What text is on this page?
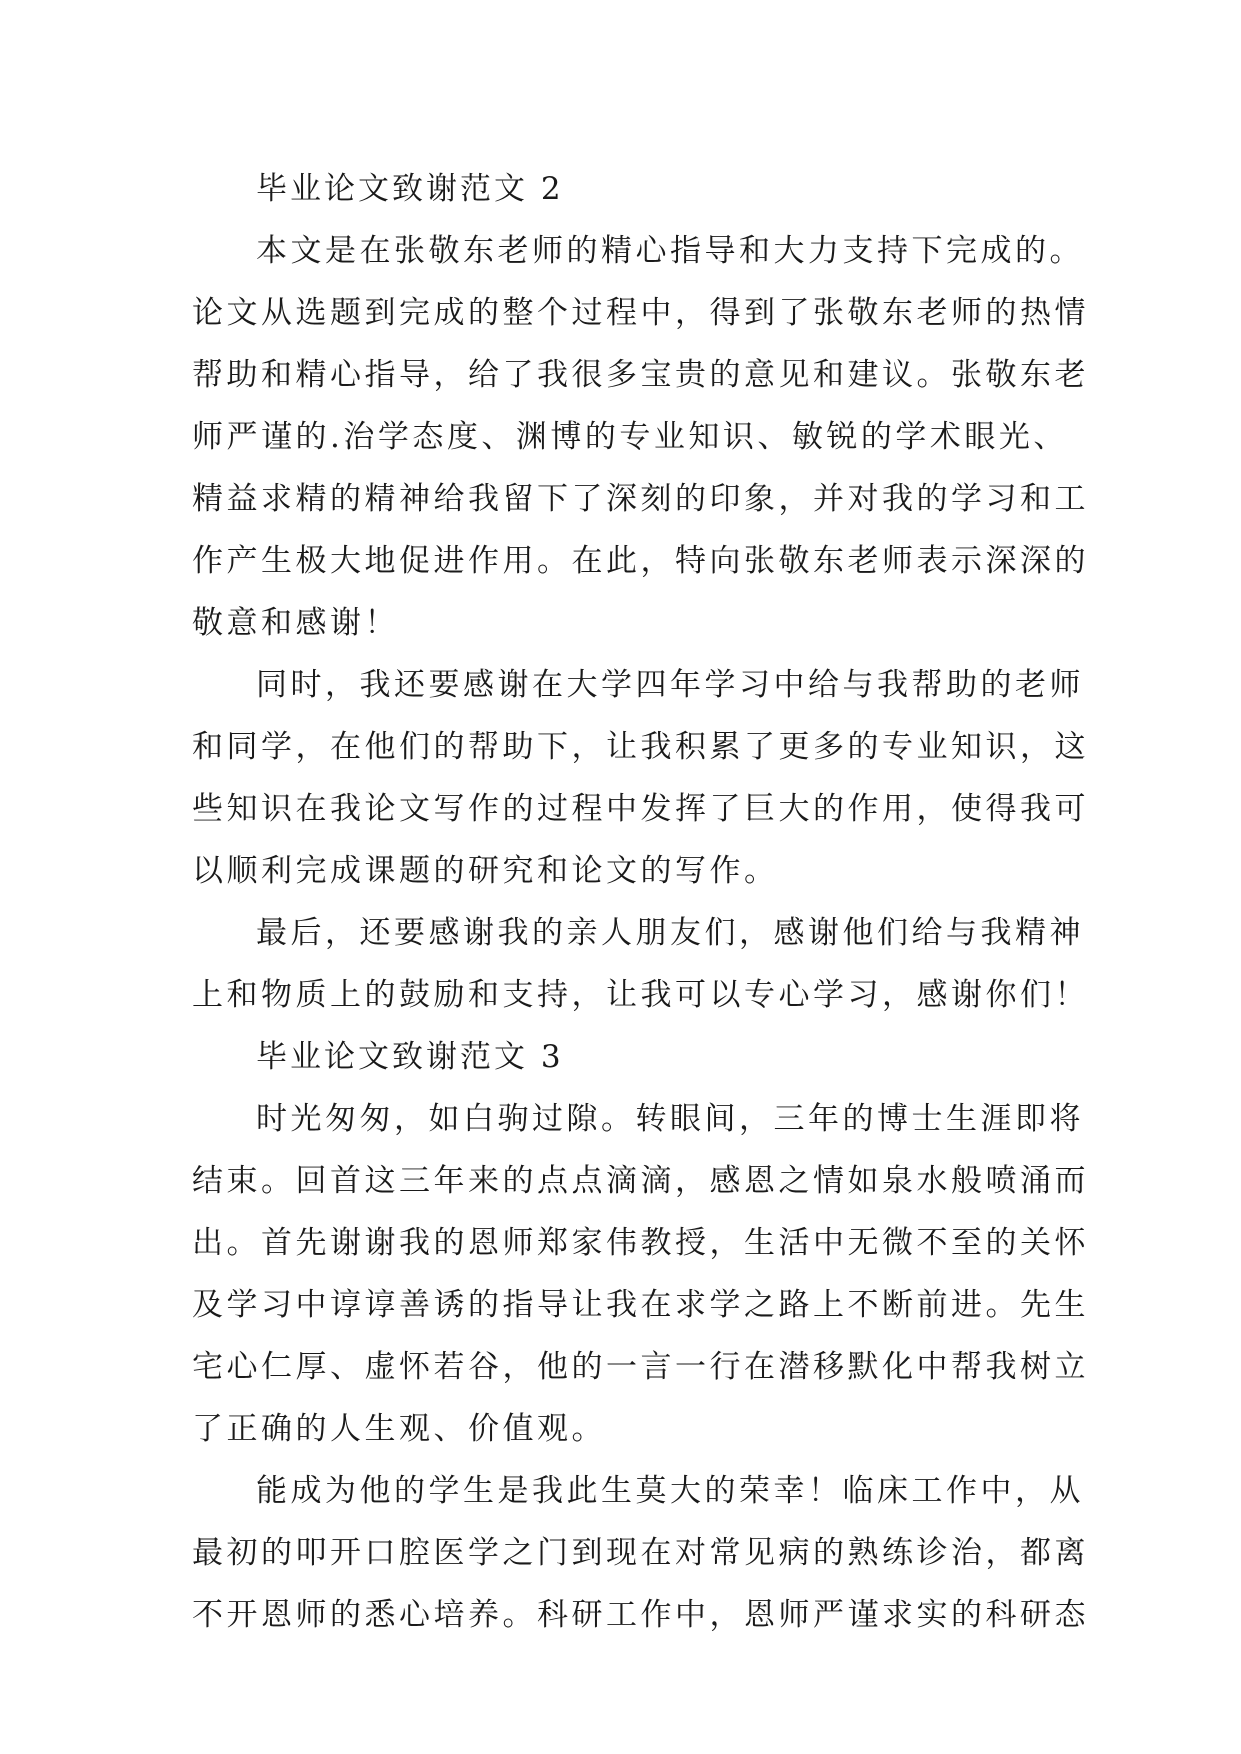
毕业论文致谢范文 2
本文是在张敬东老师的精心指导和大力支持下完成的。
论文从选题到完成的整个过程中，得到了张敬东老师的热情
帮助和精心指导，给了我很多宝贵的意见和建议。张敬东老
师严谨的.治学态度、渊博的专业知识、敏锐的学术眼光、
精益求精的精神给我留下了深刻的印象，并对我的学习和工
作产生极大地促进作用。在此，特向张敬东老师表示深深的
敬意和感谢！
同时，我还要感谢在大学四年学习中给与我帮助的老师
和同学，在他们的帮助下，让我积累了更多的专业知识，这
些知识在我论文写作的过程中发挥了巨大的作用，使得我可
以顺利完成课题的研究和论文的写作。
最后，还要感谢我的亲人朋友们，感谢他们给与我精神
上和物质上的鼓励和支持，让我可以专心学习，感谢你们！
毕业论文致谢范文 3
时光匆匆，如白驹过隙。转眼间，三年的博士生涯即将
结束。回首这三年来的点点滴滴，感恩之情如泉水般喷涌而
出。首先谢谢我的恩师郑家伟教授，生活中无微不至的关怀
及学习中谆谆善诱的指导让我在求学之路上不断前进。先生
宅心仁厚、虚怀若谷，他的一言一行在潜移默化中帮我树立
了正确的人生观、价值观。
能成为他的学生是我此生莫大的荣幸！临床工作中，从
最初的叩开口腔医学之门到现在对常见病的熟练诊治，都离
不开恩师的悉心培养。科研工作中，恩师严谨求实的科研态
